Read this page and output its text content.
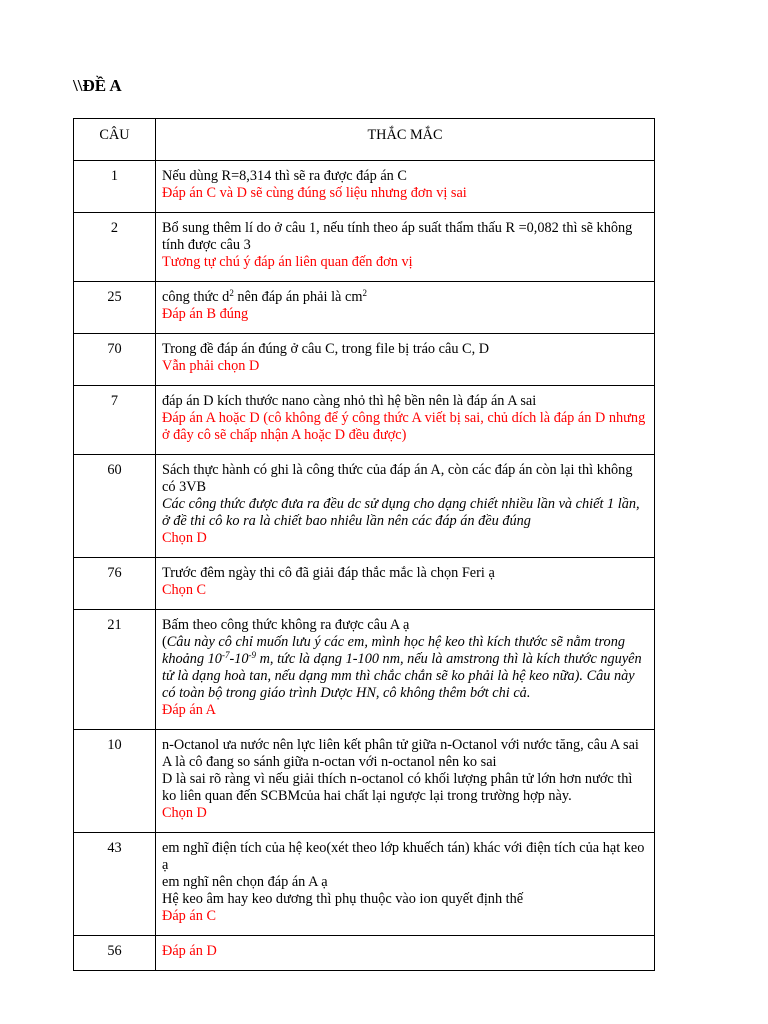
\\ĐỀ A
CÂU	THẮC MẮC
1	Nếu dùng R=8,314 thì sẽ ra được đáp án C
Đáp án C và D sẽ cùng đúng số liệu nhưng đơn vị sai

2	Bổ sung thêm lí do ở câu 1, nếu tính theo áp suất thẩm thấu R =0,082 thì sẽ không tính được câu 3
Tương tự chú ý đáp án liên quan đến đơn vị

25	công thức $d^2$ nên đáp án phải là $cm^2$
Đáp án B đúng

70	Trong đề đáp án đúng ở câu C, trong file bị tráo câu C, D
Vẫn phải chọn D

7	đáp án D kích thước nano càng nhỏ thì hệ bền nên là đáp án A sai
Đáp án A hoặc D (cô không để ý công thức A viết bị sai, chủ dích là đáp án D nhưng ở đây cô sẽ chấp nhận A hoặc D đều được)

60	Sách thực hành có ghi là công thức của đáp án A, còn các đáp án còn lại thì không có 3VB
Các công thức được đưa ra đều dc sử dụng cho dạng chiết nhiều lần và chiết 1 lần, ở đề thi cô ko ra là chiết bao nhiêu lần nên các đáp án đều đúng
Chọn D

76	Trước đêm ngày thi cô đã giải đáp thắc mắc là chọn Feri ạ
Chọn C

21	Bấm theo công thức không ra được câu A ạ
(Câu này cô chỉ muốn lưu ý các em, mình học hệ keo thì kích thước sẽ nằm trong khoảng $10^{-7}-10^{-9}$ m, tức là dạng 1-100 nm, nếu là amstrong thì là kích thước nguyên tử là dạng hoà tan, nếu dạng mm thì chắc chắn sẽ ko phải là hệ keo nữa). Câu này có toàn bộ trong giáo trình Dược HN, cô không thêm bớt chi cả.
Đáp án A

10	n-Octanol ưa nước nên lực liên kết phân tử giữa n-Octanol với nước tăng, câu A sai
A là cô đang so sánh giữa n-octan với n-octanol nên ko sai
D là sai rõ ràng vì nếu giải thích n-octanol có khối lượng phân tử lớn hơn nước thì ko liên quan đến SCBMcủa hai chất lại ngược lại trong trường hợp này.
Chọn D

43	em nghĩ điện tích của hệ keo(xét theo lớp khuếch tán) khác với điện tích của hạt keo ạ
em nghĩ nên chọn đáp án A ạ
Hệ keo âm hay keo dương thì phụ thuộc vào ion quyết định thế
Đáp án C

56	Đáp án D
